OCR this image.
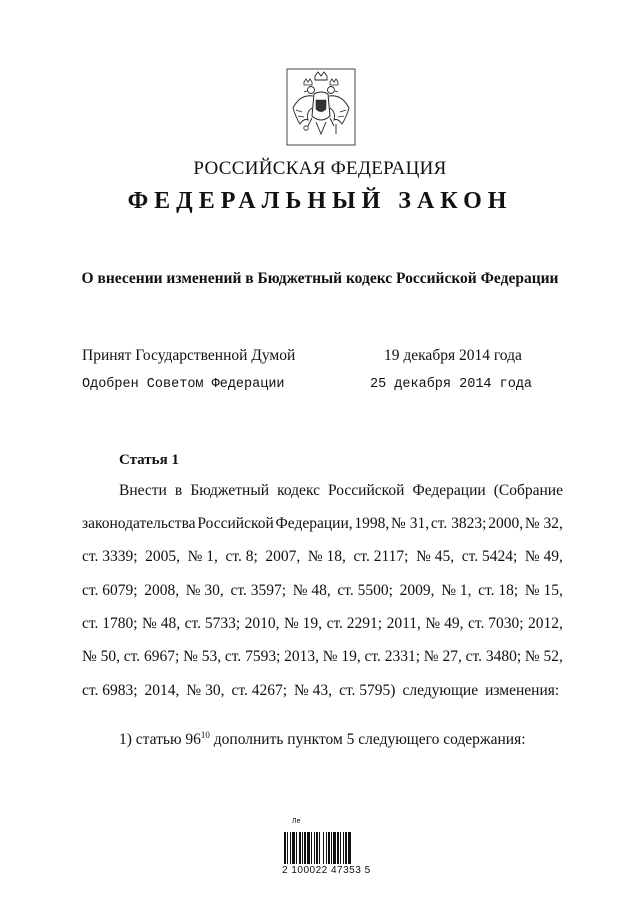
РОССИЙСКАЯ ФЕДЕРАЦИЯ
ФЕДЕРАЛЬНЫЙ ЗАКОН
О внесении изменений в Бюджетный кодекс Российской Федерации
Принят Государственной Думой	19 декабря 2014 года
Одобрен Советом Федерации	25 декабря 2014 года
Статья 1
Внести в Бюджетный кодекс Российской Федерации (Собрание
законодательства Российской Федерации, 1998, № 31, ст. 3823; 2000, № 32,
ст. 3339; 2005, № 1, ст. 8; 2007, № 18, ст. 2117; № 45, ст. 5424; № 49,
ст. 6079; 2008, № 30, ст. 3597; № 48, ст. 5500; 2009, № 1, ст. 18; № 15,
ст. 1780; № 48, ст. 5733; 2010, № 19, ст. 2291; 2011, № 49, ст. 7030; 2012,
№ 50, ст. 6967; № 53, ст. 7593; 2013, № 19, ст. 2331; № 27, ст. 3480; № 52,
ст. 6983; 2014, № 30, ст. 4267; № 43, ст. 5795) следующие изменения:
1) статью $96^{10}$ дополнить пунктом 5 следующего содержания:
Ле
2 100022 47353 5
